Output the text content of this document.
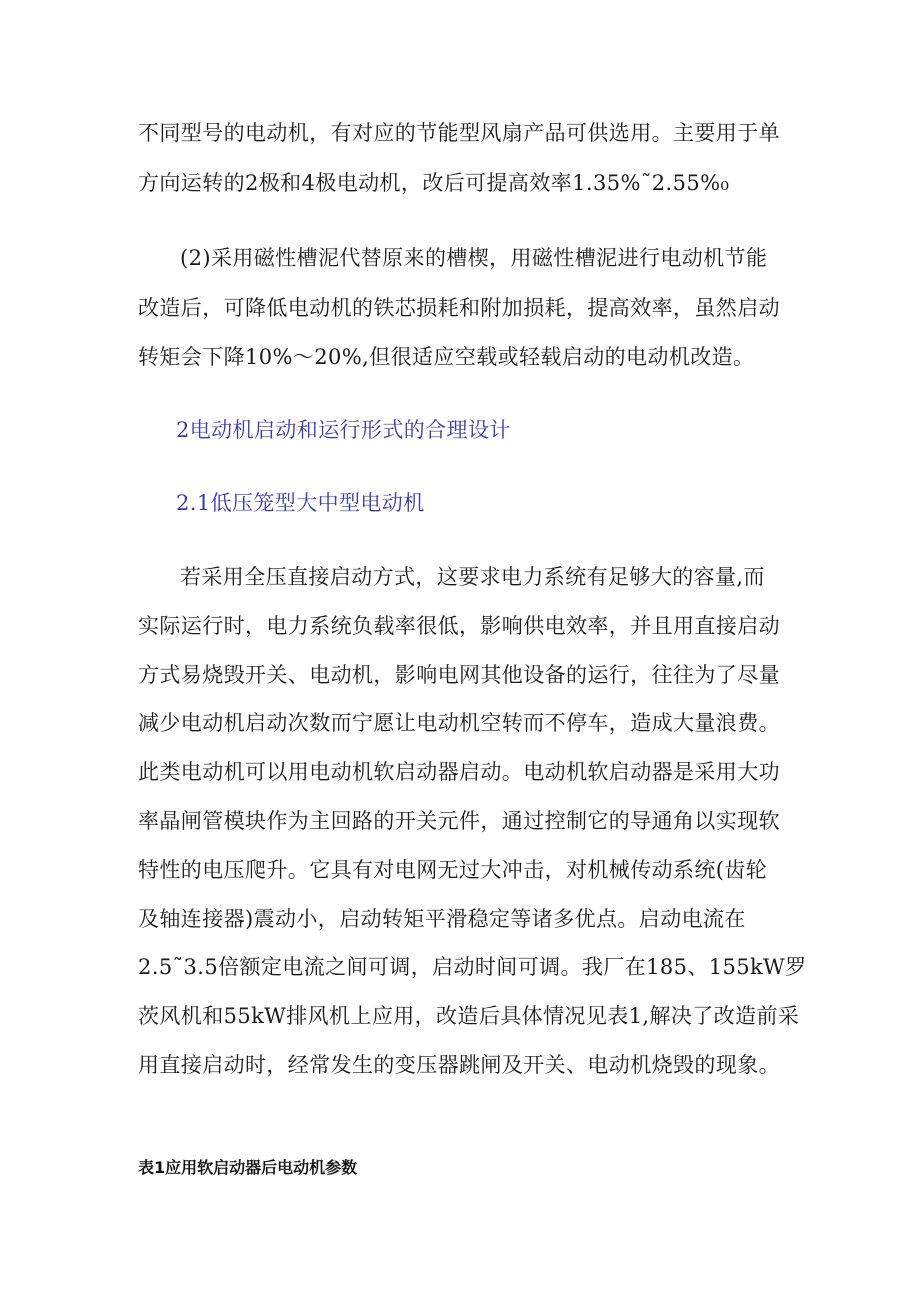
不同型号的电动机，有对应的节能型风扇产品可供选用。主要用于单
方向运转的2极和4极电动机，改后可提高效率1.35%˜2.55%₀
(2)采用磁性槽泥代替原来的槽楔，用磁性槽泥进行电动机节能
改造后，可降低电动机的铁芯损耗和附加损耗，提高效率，虽然启动
转矩会下降10%～20%,但很适应空载或轻载启动的电动机改造。
2电动机启动和运行形式的合理设计
2.1低压笼型大中型电动机
若采用全压直接启动方式，这要求电力系统有足够大的容量,而
实际运行时，电力系统负载率很低，影响供电效率，并且用直接启动
方式易烧毁开关、电动机，影响电网其他设备的运行，往往为了尽量
减少电动机启动次数而宁愿让电动机空转而不停车，造成大量浪费。
此类电动机可以用电动机软启动器启动。电动机软启动器是采用大功
率晶闸管模块作为主回路的开关元件，通过控制它的导通角以实现软
特性的电压爬升。它具有对电网无过大冲击，对机械传动系统(齿轮
及轴连接器)震动小，启动转矩平滑稳定等诸多优点。启动电流在
2.5˜3.5倍额定电流之间可调，启动时间可调。我厂在185、155kW罗
茨风机和55kW排风机上应用，改造后具体情况见表1,解决了改造前采
用直接启动时，经常发生的变压器跳闸及开关、电动机烧毁的现象。
表1应用软启动器后电动机参数
